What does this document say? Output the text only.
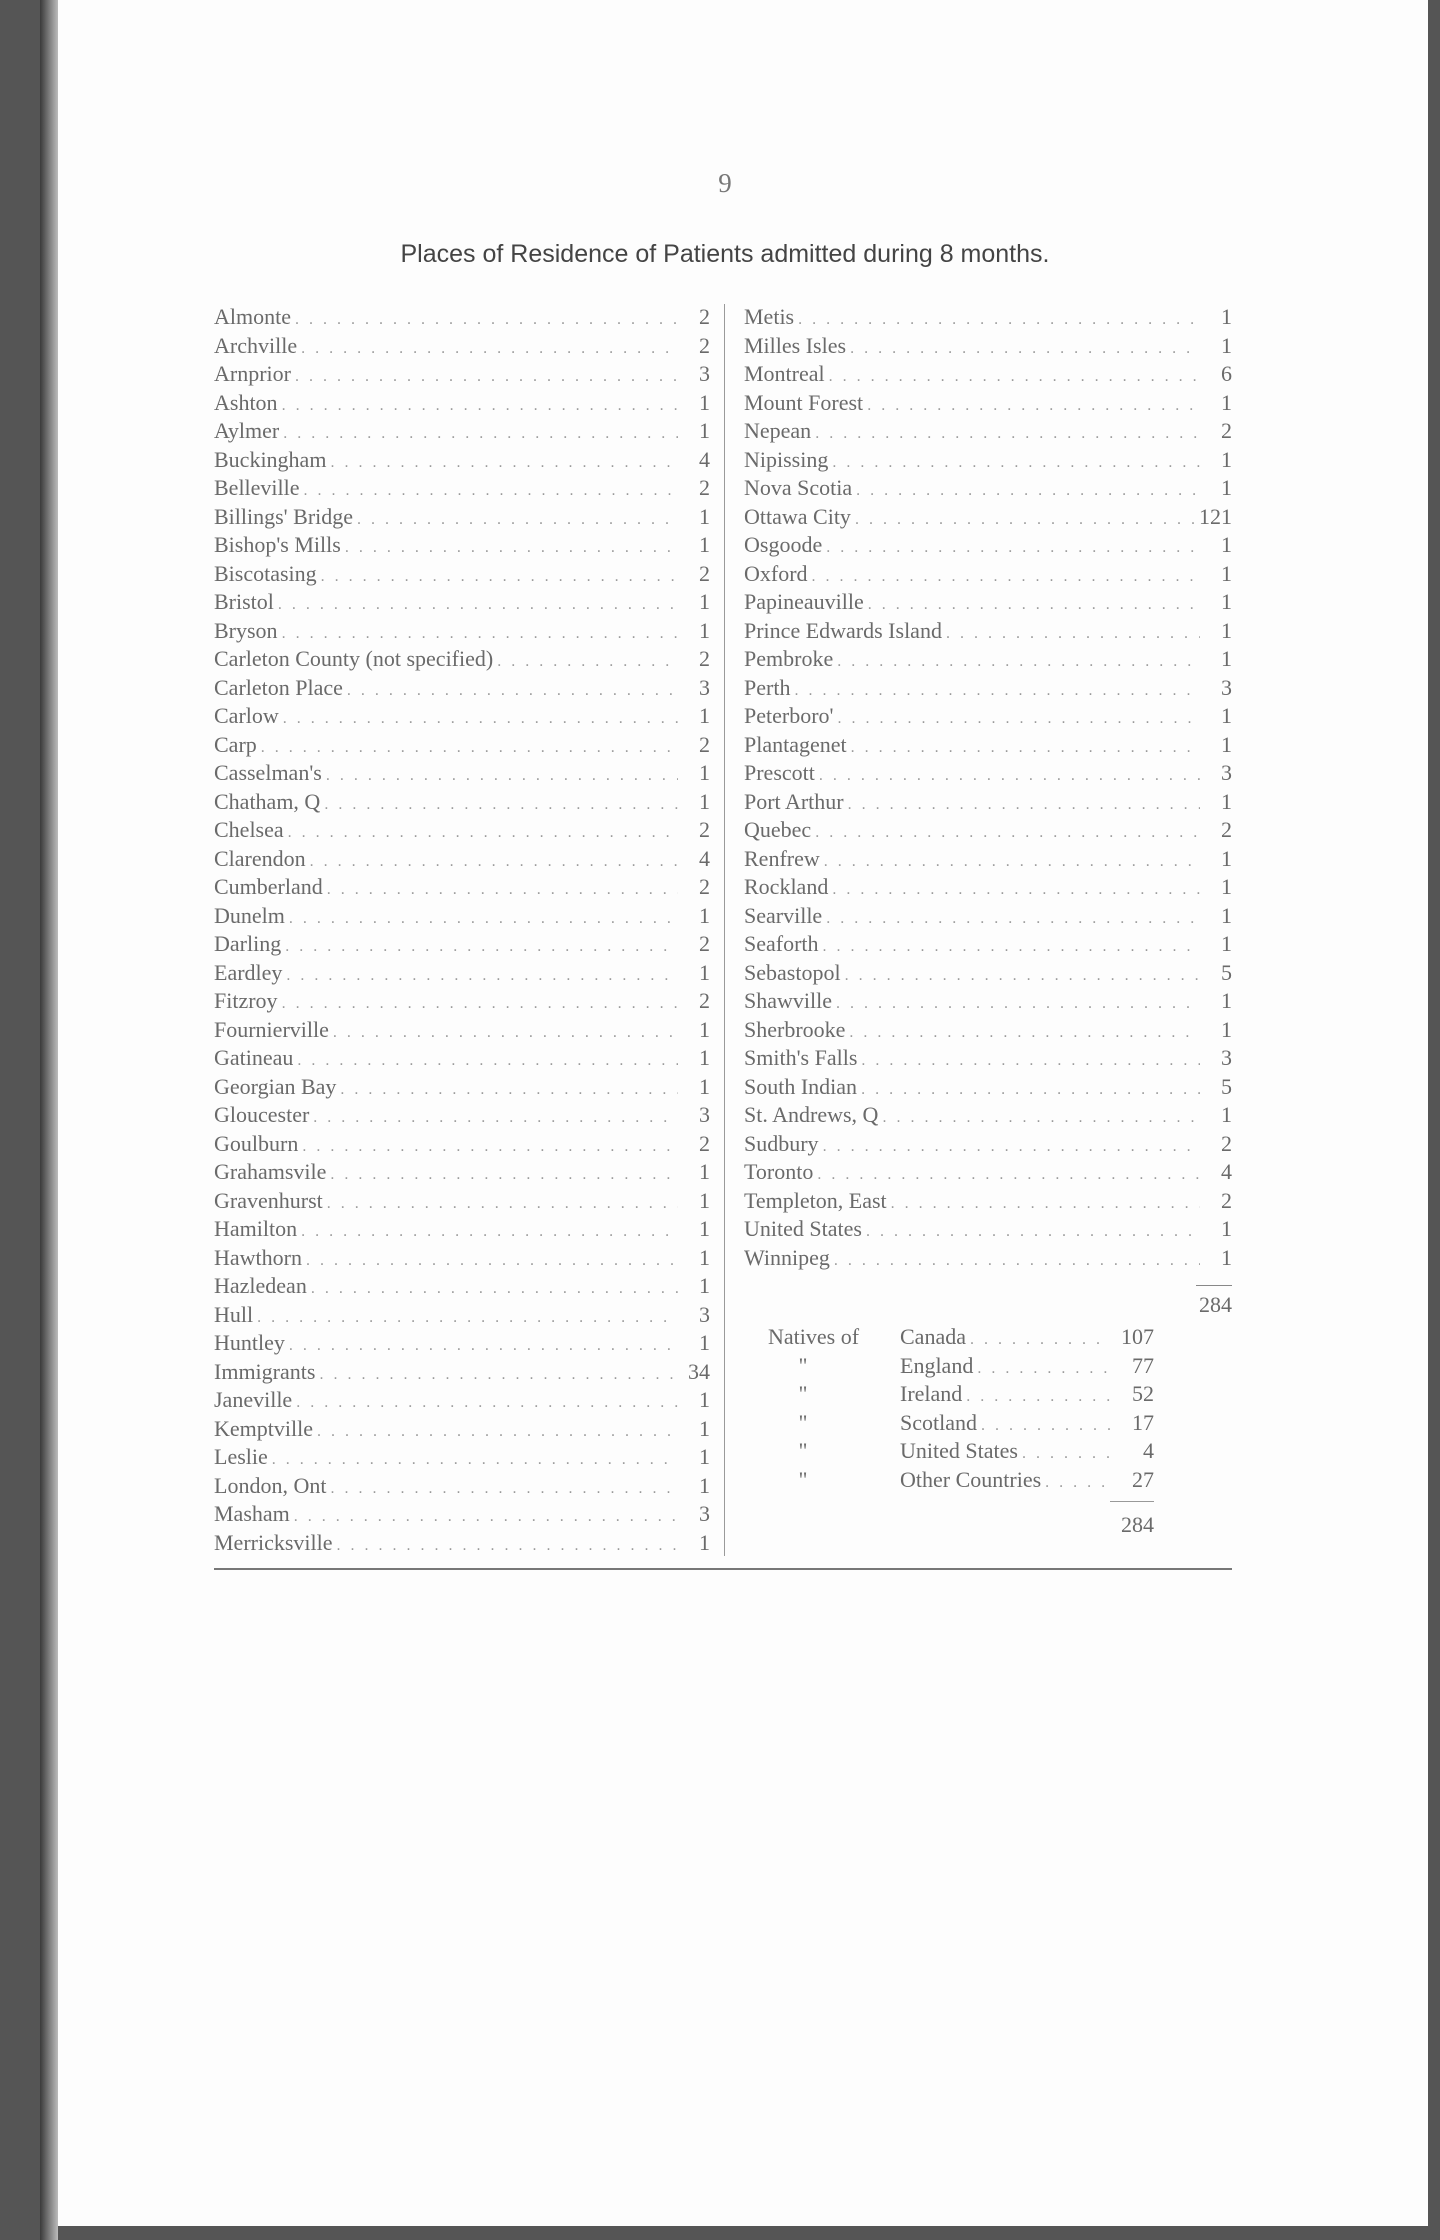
9
Places of Residence of Patients admitted during 8 months.
Almonte . . .	2
Archville . . .	2
Arnprior . . .	3
Ashton . . .	1
Aylmer . . .	1
Buckingham . . .	4
Belleville . . .	2
Billings' Bridge . . .	1
Bishop's Mills . . .	1
Biscotasing . . .	2
Bristol . . .	1
Bryson . . .	1
Carleton County (not specified) . . .	2
Carleton Place . . .	3
Carlow . . .	1
Carp . . .	2
Casselman's . . .	1
Chatham, Q . . .	1
Chelsea . . .	2
Clarendon . . .	4
Cumberland . . .	2
Dunelm . . .	1
Darling . . .	2
Eardley . . .	1
Fitzroy . . .	2
Fournierville . . .	1
Gatineau . . .	1
Georgian Bay . . .	1
Gloucester . . .	3
Goulburn . . .	2
Grahamsvile . . .	1
Gravenhurst . . .	1
Hamilton . . .	1
Hawthorn . . .	1
Hazledean . . .	1
Hull . . .	3
Huntley . . .	1
Immigrants . . .	34
Janeville . . .	1
Kemptville . . .	1
Leslie . . .	1
London, Ont . . .	1
Masham . . .	3
Merricksville . . .	1
Metis . . .	1
Milles Isles . . .	1
Montreal . . .	6
Mount Forest . . .	1
Nepean . . .	2
Nipissing . . .	1
Nova Scotia . . .	1
Ottawa City . . .	121
Osgoode . . .	1
Oxford . . .	1
Papineauville . . .	1
Prince Edwards Island . . .	1
Pembroke . . .	1
Perth . . .	3
Peterboro' . . .	1
Plantagenet . . .	1
Prescott . . .	3
Port Arthur . . .	1
Quebec . . .	2
Renfrew . . .	1
Rockland . . .	1
Searville . . .	1
Seaforth . . .	1
Sebastopol . . .	5
Shawville . . .	1
Sherbrooke . . .	1
Smith's Falls . . .	3
South Indian . . .	5
St. Andrews, Q . . .	1
Sudbury . . .	2
Toronto . . .	4
Templeton, East . . .	2
United States . . .	1
Winnipeg . . .	1
284
Natives of	Canada . . .	107
"	England . . .	77
"	Ireland . . .	52
"	Scotland . . .	17
"	United States . . .	4
"	Other Countries . . .	27
284
